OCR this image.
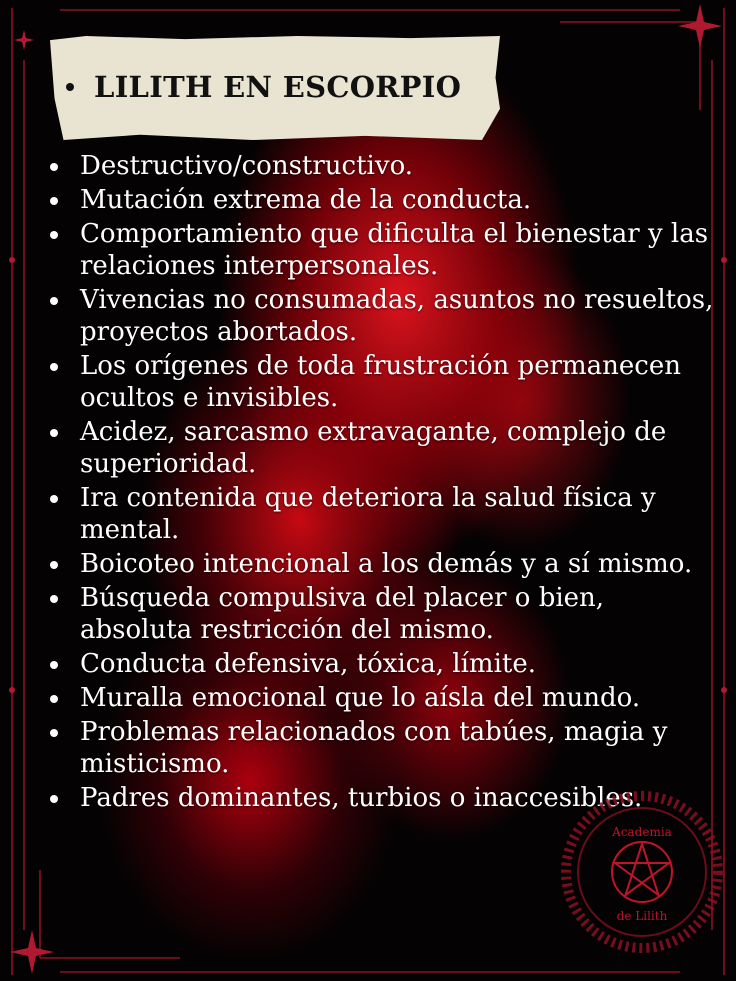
LILITH EN ESCORPIO
Destructivo/constructivo.
Mutación extrema de la conducta.
Comportamiento que dificulta el bienestar y las relaciones interpersonales.
Vivencias no consumadas, asuntos no resueltos, proyectos abortados.
Los orígenes de toda frustración permanecen ocultos e invisibles.
Acidez, sarcasmo extravagante, complejo de superioridad.
Ira contenida que deteriora la salud física y mental.
Boicoteo intencional a los demás y a sí mismo.
Búsqueda compulsiva del placer o bien, absoluta restricción del mismo.
Conducta defensiva, tóxica, límite.
Muralla emocional que lo aísla del mundo.
Problemas relacionados con tabúes, magia y misticismo.
Padres dominantes, turbios o inaccesibles.
Academia
de Lilith
